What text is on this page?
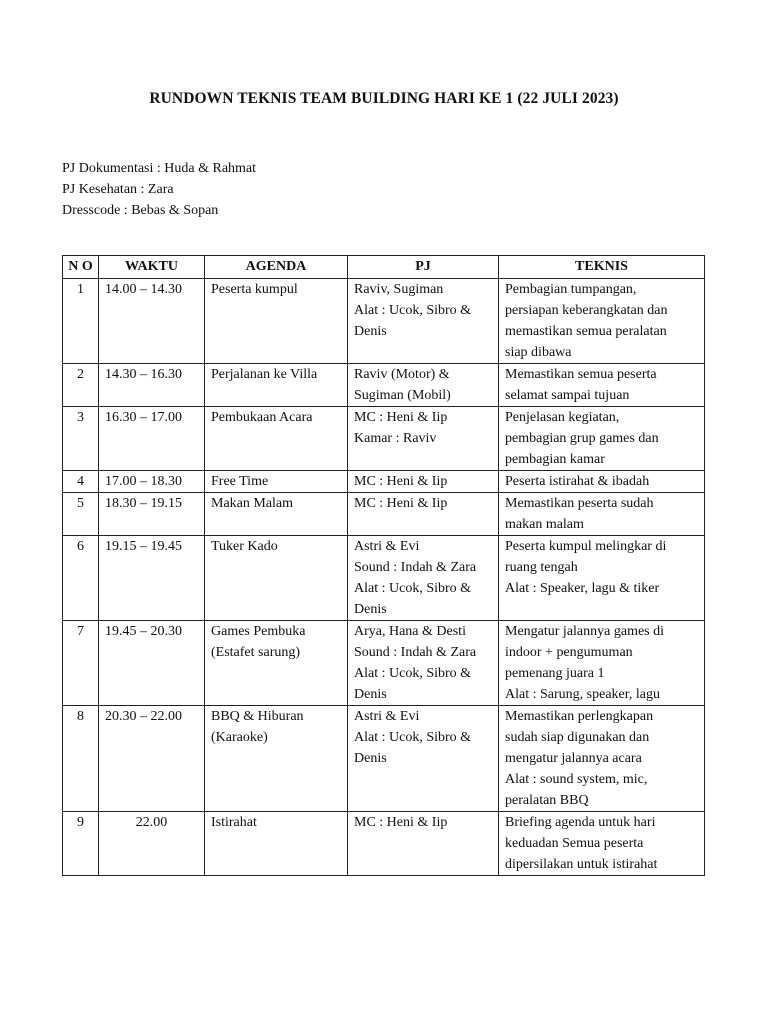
RUNDOWN TEKNIS TEAM BUILDING HARI KE 1 (22 JULI 2023)
PJ Dokumentasi : Huda & Rahmat
PJ Kesehatan : Zara
Dresscode : Bebas & Sopan
N O	WAKTU	AGENDA	PJ	TEKNIS
1	14.00 – 14.30	Peserta kumpul	Raviv, Sugiman
Alat : Ucok, Sibro &
Denis	Pembagian tumpangan,
persiapan keberangkatan dan
memastikan semua peralatan
siap dibawa

2	14.30 – 16.30	Perjalanan ke Villa	Raviv (Motor) &
Sugiman (Mobil)	Memastikan semua peserta
selamat sampai tujuan

3	16.30 – 17.00	Pembukaan Acara	MC : Heni & Iip
Kamar : Raviv	Penjelasan kegiatan,
pembagian grup games dan
pembagian kamar

4	17.00 – 18.30	Free Time	MC : Heni & Iip	Peserta istirahat & ibadah

5	18.30 – 19.15	Makan Malam	MC : Heni & Iip	Memastikan peserta sudah
makan malam

6	19.15 – 19.45	Tuker Kado	Astri & Evi
Sound : Indah & Zara
Alat : Ucok, Sibro &
Denis	Peserta kumpul melingkar di
ruang tengah
Alat : Speaker, lagu & tiker

7	19.45 – 20.30	Games Pembuka
(Estafet sarung)	Arya, Hana & Desti
Sound : Indah & Zara
Alat : Ucok, Sibro &
Denis	Mengatur jalannya games di
indoor + pengumuman
pemenang juara 1
Alat : Sarung, speaker, lagu

8	20.30 – 22.00	BBQ & Hiburan
(Karaoke)	Astri & Evi
Alat : Ucok, Sibro &
Denis	Memastikan perlengkapan
sudah siap digunakan dan
mengatur jalannya acara
Alat : sound system, mic,
peralatan BBQ

9	22.00	Istirahat	MC : Heni & Iip	Briefing agenda untuk hari
keduadan Semua peserta
dipersilakan untuk istirahat
